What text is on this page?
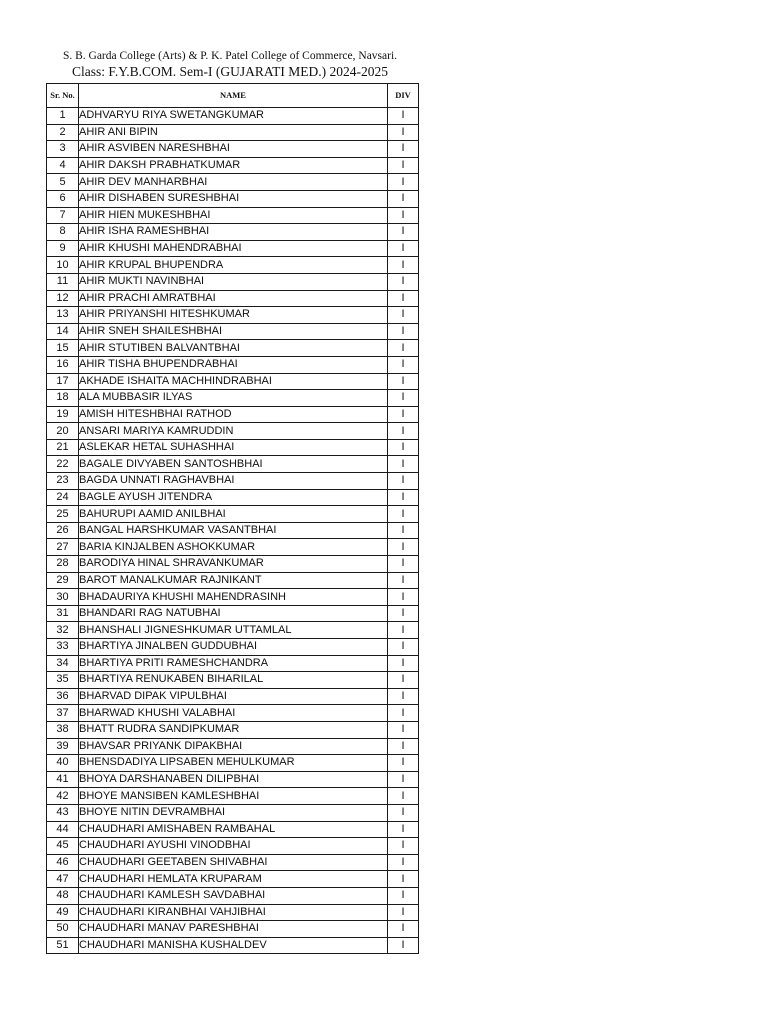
S. B. Garda College (Arts) & P. K. Patel College of Commerce, Navsari.
Class: F.Y.B.COM. Sem-I (GUJARATI MED.) 2024-2025
Sr. No.	NAME	DIV
1	ADHVARYU RIYA SWETANGKUMAR	I
2	AHIR ANI BIPIN	I
3	AHIR ASVIBEN NARESHBHAI	I
4	AHIR DAKSH PRABHATKUMAR	I
5	AHIR DEV MANHARBHAI	I
6	AHIR DISHABEN SURESHBHAI	I
7	AHIR HIEN MUKESHBHAI	I
8	AHIR ISHA RAMESHBHAI	I
9	AHIR KHUSHI MAHENDRABHAI	I
10	AHIR KRUPAL BHUPENDRA	I
11	AHIR MUKTI NAVINBHAI	I
12	AHIR PRACHI AMRATBHAI	I
13	AHIR PRIYANSHI HITESHKUMAR	I
14	AHIR SNEH SHAILESHBHAI	I
15	AHIR STUTIBEN BALVANTBHAI	I
16	AHIR TISHA BHUPENDRABHAI	I
17	AKHADE ISHAITA MACHHINDRABHAI	I
18	ALA MUBBASIR ILYAS	I
19	AMISH HITESHBHAI RATHOD	I
20	ANSARI MARIYA KAMRUDDIN	I
21	ASLEKAR HETAL SUHASHHAI	I
22	BAGALE DIVYABEN SANTOSHBHAI	I
23	BAGDA UNNATI RAGHAVBHAI	I
24	BAGLE AYUSH JITENDRA	I
25	BAHURUPI AAMID ANILBHAI	I
26	BANGAL HARSHKUMAR VASANTBHAI	I
27	BARIA KINJALBEN ASHOKKUMAR	I
28	BARODIYA HINAL SHRAVANKUMAR	I
29	BAROT MANALKUMAR RAJNIKANT	I
30	BHADAURIYA KHUSHI MAHENDRASINH	I
31	BHANDARI RAG NATUBHAI	I
32	BHANSHALI JIGNESHKUMAR UTTAMLAL	I
33	BHARTIYA JINALBEN GUDDUBHAI	I
34	BHARTIYA PRITI RAMESHCHANDRA	I
35	BHARTIYA RENUKABEN BIHARILAL	I
36	BHARVAD DIPAK VIPULBHAI	I
37	BHARWAD KHUSHI VALABHAI	I
38	BHATT RUDRA SANDIPKUMAR	I
39	BHAVSAR PRIYANK DIPAKBHAI	I
40	BHENSDADIYA LIPSABEN MEHULKUMAR	I
41	BHOYA DARSHANABEN DILIPBHAI	I
42	BHOYE MANSIBEN KAMLESHBHAI	I
43	BHOYE NITIN DEVRAMBHAI	I
44	CHAUDHARI AMISHABEN RAMBAHAL	I
45	CHAUDHARI AYUSHI VINODBHAI	I
46	CHAUDHARI GEETABEN SHIVABHAI	I
47	CHAUDHARI HEMLATA KRUPARAM	I
48	CHAUDHARI KAMLESH SAVDABHAI	I
49	CHAUDHARI KIRANBHAI VAHJIBHAI	I
50	CHAUDHARI MANAV PARESHBHAI	I
51	CHAUDHARI MANISHA KUSHALDEV	I
